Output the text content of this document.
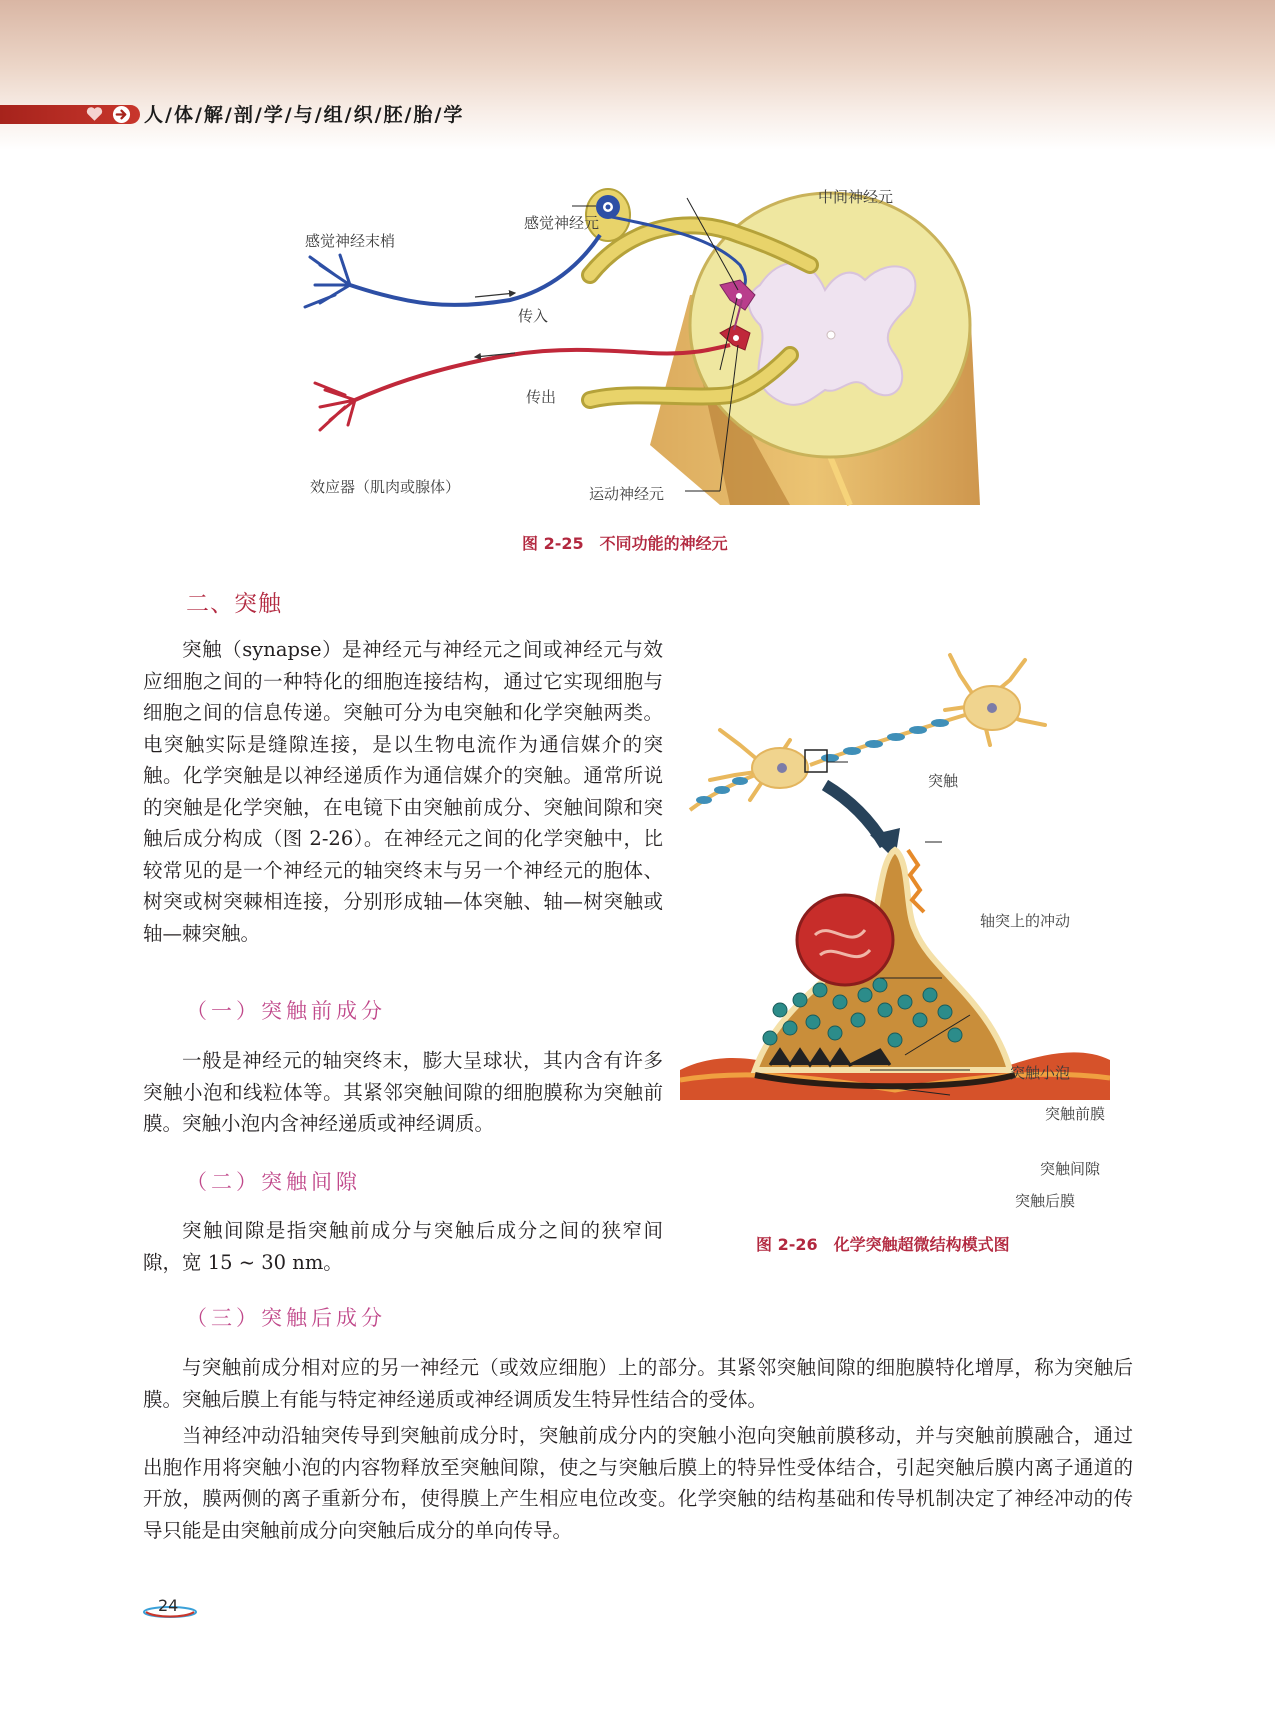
人/体/解/剖/学/与/组/织/胚/胎/学
中间神经元
感觉神经元
感觉神经末梢
传入
传出
效应器（肌肉或腺体）	运动神经元
图 2-25　不同功能的神经元
二、突触

突触（synapse）是神经元与神经元之间或神经元与效应细胞之间的一种特化的细胞连接结构，通过它实现细胞与细胞之间的信息传递。突触可分为电突触和化学突触两类。电突触实际是缝隙连接，是以生物电流作为通信媒介的突触。化学突触是以神经递质作为通信媒介的突触。通常所说的突触是化学突触，在电镜下由突触前成分、突触间隙和突触后成分构成（图 2-26）。在神经元之间的化学突触中，比较常见的是一个神经元的轴突终末与另一个神经元的胞体、树突或树突棘相连接，分别形成轴—体突触、轴—树突触或轴—棘突触。

（一）突触前成分

一般是神经元的轴突终末，膨大呈球状，其内含有许多突触小泡和线粒体等。其紧邻突触间隙的细胞膜称为突触前膜。突触小泡内含神经递质或神经调质。

（二）突触间隙

突触间隙是指突触前成分与突触后成分之间的狭窄间隙，宽 15 ~ 30 nm。

（三）突触后成分

与突触前成分相对应的另一神经元（或效应细胞）上的部分。其紧邻突触间隙的细胞膜特化增厚，称为突触后膜。突触后膜上有能与特定神经递质或神经调质发生特异性结合的受体。

当神经冲动沿轴突传导到突触前成分时，突触前成分内的突触小泡向突触前膜移动，并与突触前膜融合，通过出胞作用将突触小泡的内容物释放至突触间隙，使之与突触后膜上的特异性受体结合，引起突触后膜内离子通道的开放，膜两侧的离子重新分布，使得膜上产生相应电位改变。化学突触的结构基础和传导机制决定了神经冲动的传导只能是由突触前成分向突触后成分的单向传导。

突触
轴突上的冲动
突触小泡
突触前膜
突触间隙
突触后膜
图 2-26　化学突触超微结构模式图
24
